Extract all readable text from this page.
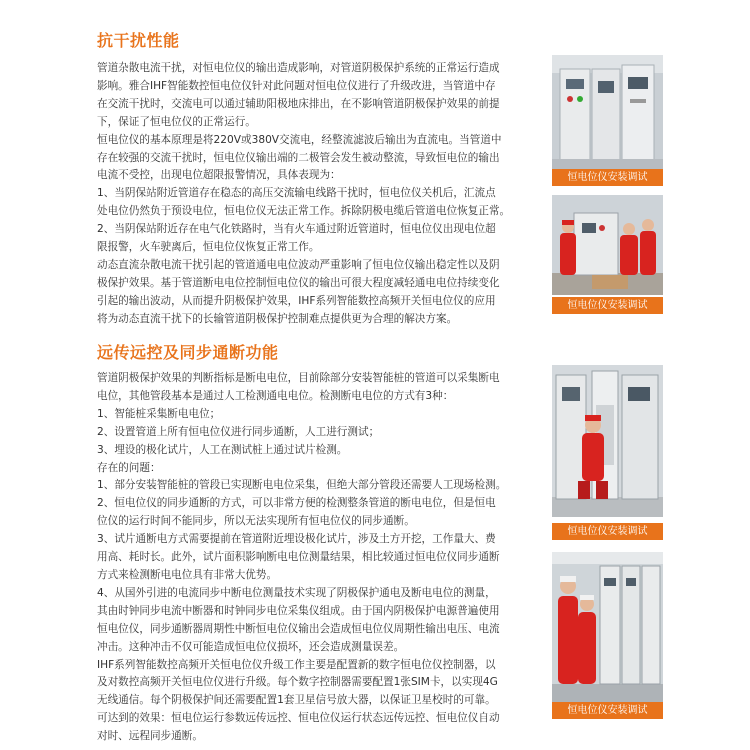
抗干扰性能

管道杂散电流干扰，对恒电位仪的输出造成影响，对管道阴极保护系统的正常运行造成

影响。雅合IHF智能数控恒电位仪针对此问题对恒电位仪进行了升级改进，当管道中存

在交流干扰时，交流电可以通过辅助阳极地床排出，在不影响管道阴极保护效果的前提

下，保证了恒电位仪的正常运行。

恒电位仪的基本原理是将220V或380V交流电，经整流滤波后输出为直流电。当管道中

存在较强的交流干扰时，恒电位仪输出端的二极管会发生被动整流，导致恒电位的输出

电流不受控，出现电位超限报警情况，具体表现为：

1、当阴保站附近管道存在稳态的高压交流输电线路干扰时，恒电位仪关机后，汇流点

处电位仍然负于预设电位，恒电位仪无法正常工作。拆除阴极电缆后管道电位恢复正常。

2、当阴保站附近存在电气化铁路时，当有火车通过附近管道时，恒电位仪出现电位超

限报警，火车驶离后，恒电位仪恢复正常工作。

动态直流杂散电流干扰引起的管道通电电位波动严重影响了恒电位仪输出稳定性以及阴

极保护效果。基于管道断电电位控制恒电位仪的输出可很大程度减轻通电电位持续变化

引起的输出波动，从而提升阴极保护效果，IHF系列智能数控高频开关恒电位仪的应用

将为动态直流干扰下的长输管道阴极保护控制难点提供更为合理的解决方案。

远传远控及同步通断功能

管道阴极保护效果的判断指标是断电电位，目前除部分安装智能桩的管道可以采集断电

电位，其他管段基本是通过人工检测通电电位。检测断电电位的方式有3种：

1、智能桩采集断电电位；

2、设置管道上所有恒电位仪进行同步通断，人工进行测试；

3、埋设的极化试片，人工在测试桩上通过试片检测。

存在的问题：

1、部分安装智能桩的管段已实现断电电位采集，但绝大部分管段还需要人工现场检测。

2、恒电位仪的同步通断的方式，可以非常方便的检测整条管道的断电电位，但是恒电

位仪的运行时间不能同步，所以无法实现所有恒电位仪的同步通断。

3、试片通断电方式需要提前在管道附近埋设极化试片，涉及土方开挖，工作量大、费

用高、耗时长。此外，试片面积影响断电电位测量结果，相比较通过恒电位仪同步通断

方式来检测断电电位具有非常大优势。

4、从国外引进的电流同步中断电位测量技术实现了阴极保护通电及断电电位的测量，

其由时钟同步电流中断器和时钟同步电位采集仪组成。由于国内阴极保护电源普遍使用

恒电位仪，同步通断器周期性中断恒电位仪输出会造成恒电位仪周期性输出电压、电流

冲击。这种冲击不仅可能造成恒电位仪损坏，还会造成测量误差。

IHF系列智能数控高频开关恒电位仪升级工作主要是配置新的数字恒电位仪控制器，以

及对数控高频开关恒电位仪进行升级。每个数字控制器需要配置1张SIM卡，以实现4G

无线通信。每个阴极保护间还需要配置1套卫星信号放大器，以保证卫星校时的可靠。

可达到的效果：恒电位运行参数远传远控、恒电位仪运行状态远传远控、恒电位仪自动

对时、远程同步通断。

恒电位仪安装调试
恒电位仪安装调试
恒电位仪安装调试
恒电位仪安装调试
